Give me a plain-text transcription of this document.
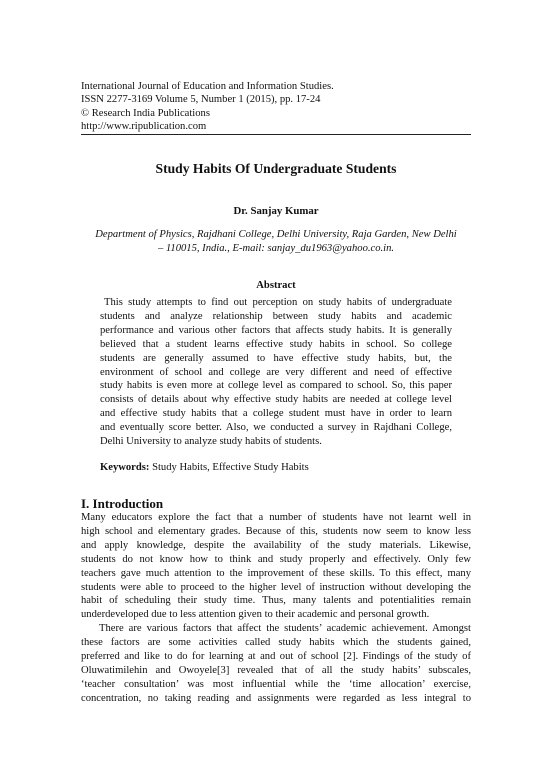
International Journal of Education and Information Studies.
ISSN 2277-3169 Volume 5, Number 1 (2015), pp. 17-24
© Research India Publications
http://www.ripublication.com
Study Habits Of Undergraduate Students
Dr. Sanjay Kumar
Department of Physics, Rajdhani College, Delhi University, Raja Garden, New Delhi
– 110015, India., E-mail: sanjay_du1963@yahoo.co.in.
Abstract
This study attempts to find out perception on study habits of undergraduate
students and analyze relationship between study habits and academic
performance and various other factors that affects study habits. It is generally
believed that a student learns effective study habits in school. So college
students are generally assumed to have effective study habits, but, the
environment of school and college are very different and need of effective
study habits is even more at college level as compared to school. So, this paper
consists of details about why effective study habits are needed at college level
and effective study habits that a college student must have in order to learn
and eventually score better. Also, we conducted a survey in Rajdhani College,
Delhi University to analyze study habits of students.
Keywords: Study Habits, Effective Study Habits
I. Introduction
Many educators explore the fact that a number of students have not learnt well in
high school and elementary grades. Because of this, students now seem to know less
and apply knowledge, despite the availability of the study materials. Likewise,
students do not know how to think and study properly and effectively. Only few
teachers gave much attention to the improvement of these skills. To this effect, many
students were able to proceed to the higher level of instruction without developing the
habit of scheduling their study time. Thus, many talents and potentialities remain
underdeveloped due to less attention given to their academic and personal growth.
There are various factors that affect the students’ academic achievement. Amongst
these factors are some activities called study habits which the students gained,
preferred and like to do for learning at and out of school [2]. Findings of the study of
Oluwatimilehin and Owoyele[3] revealed that of all the study habits’ subscales,
‘teacher consultation’ was most influential while the ‘time allocation’ exercise,
concentration, no taking reading and assignments were regarded as less integral to
